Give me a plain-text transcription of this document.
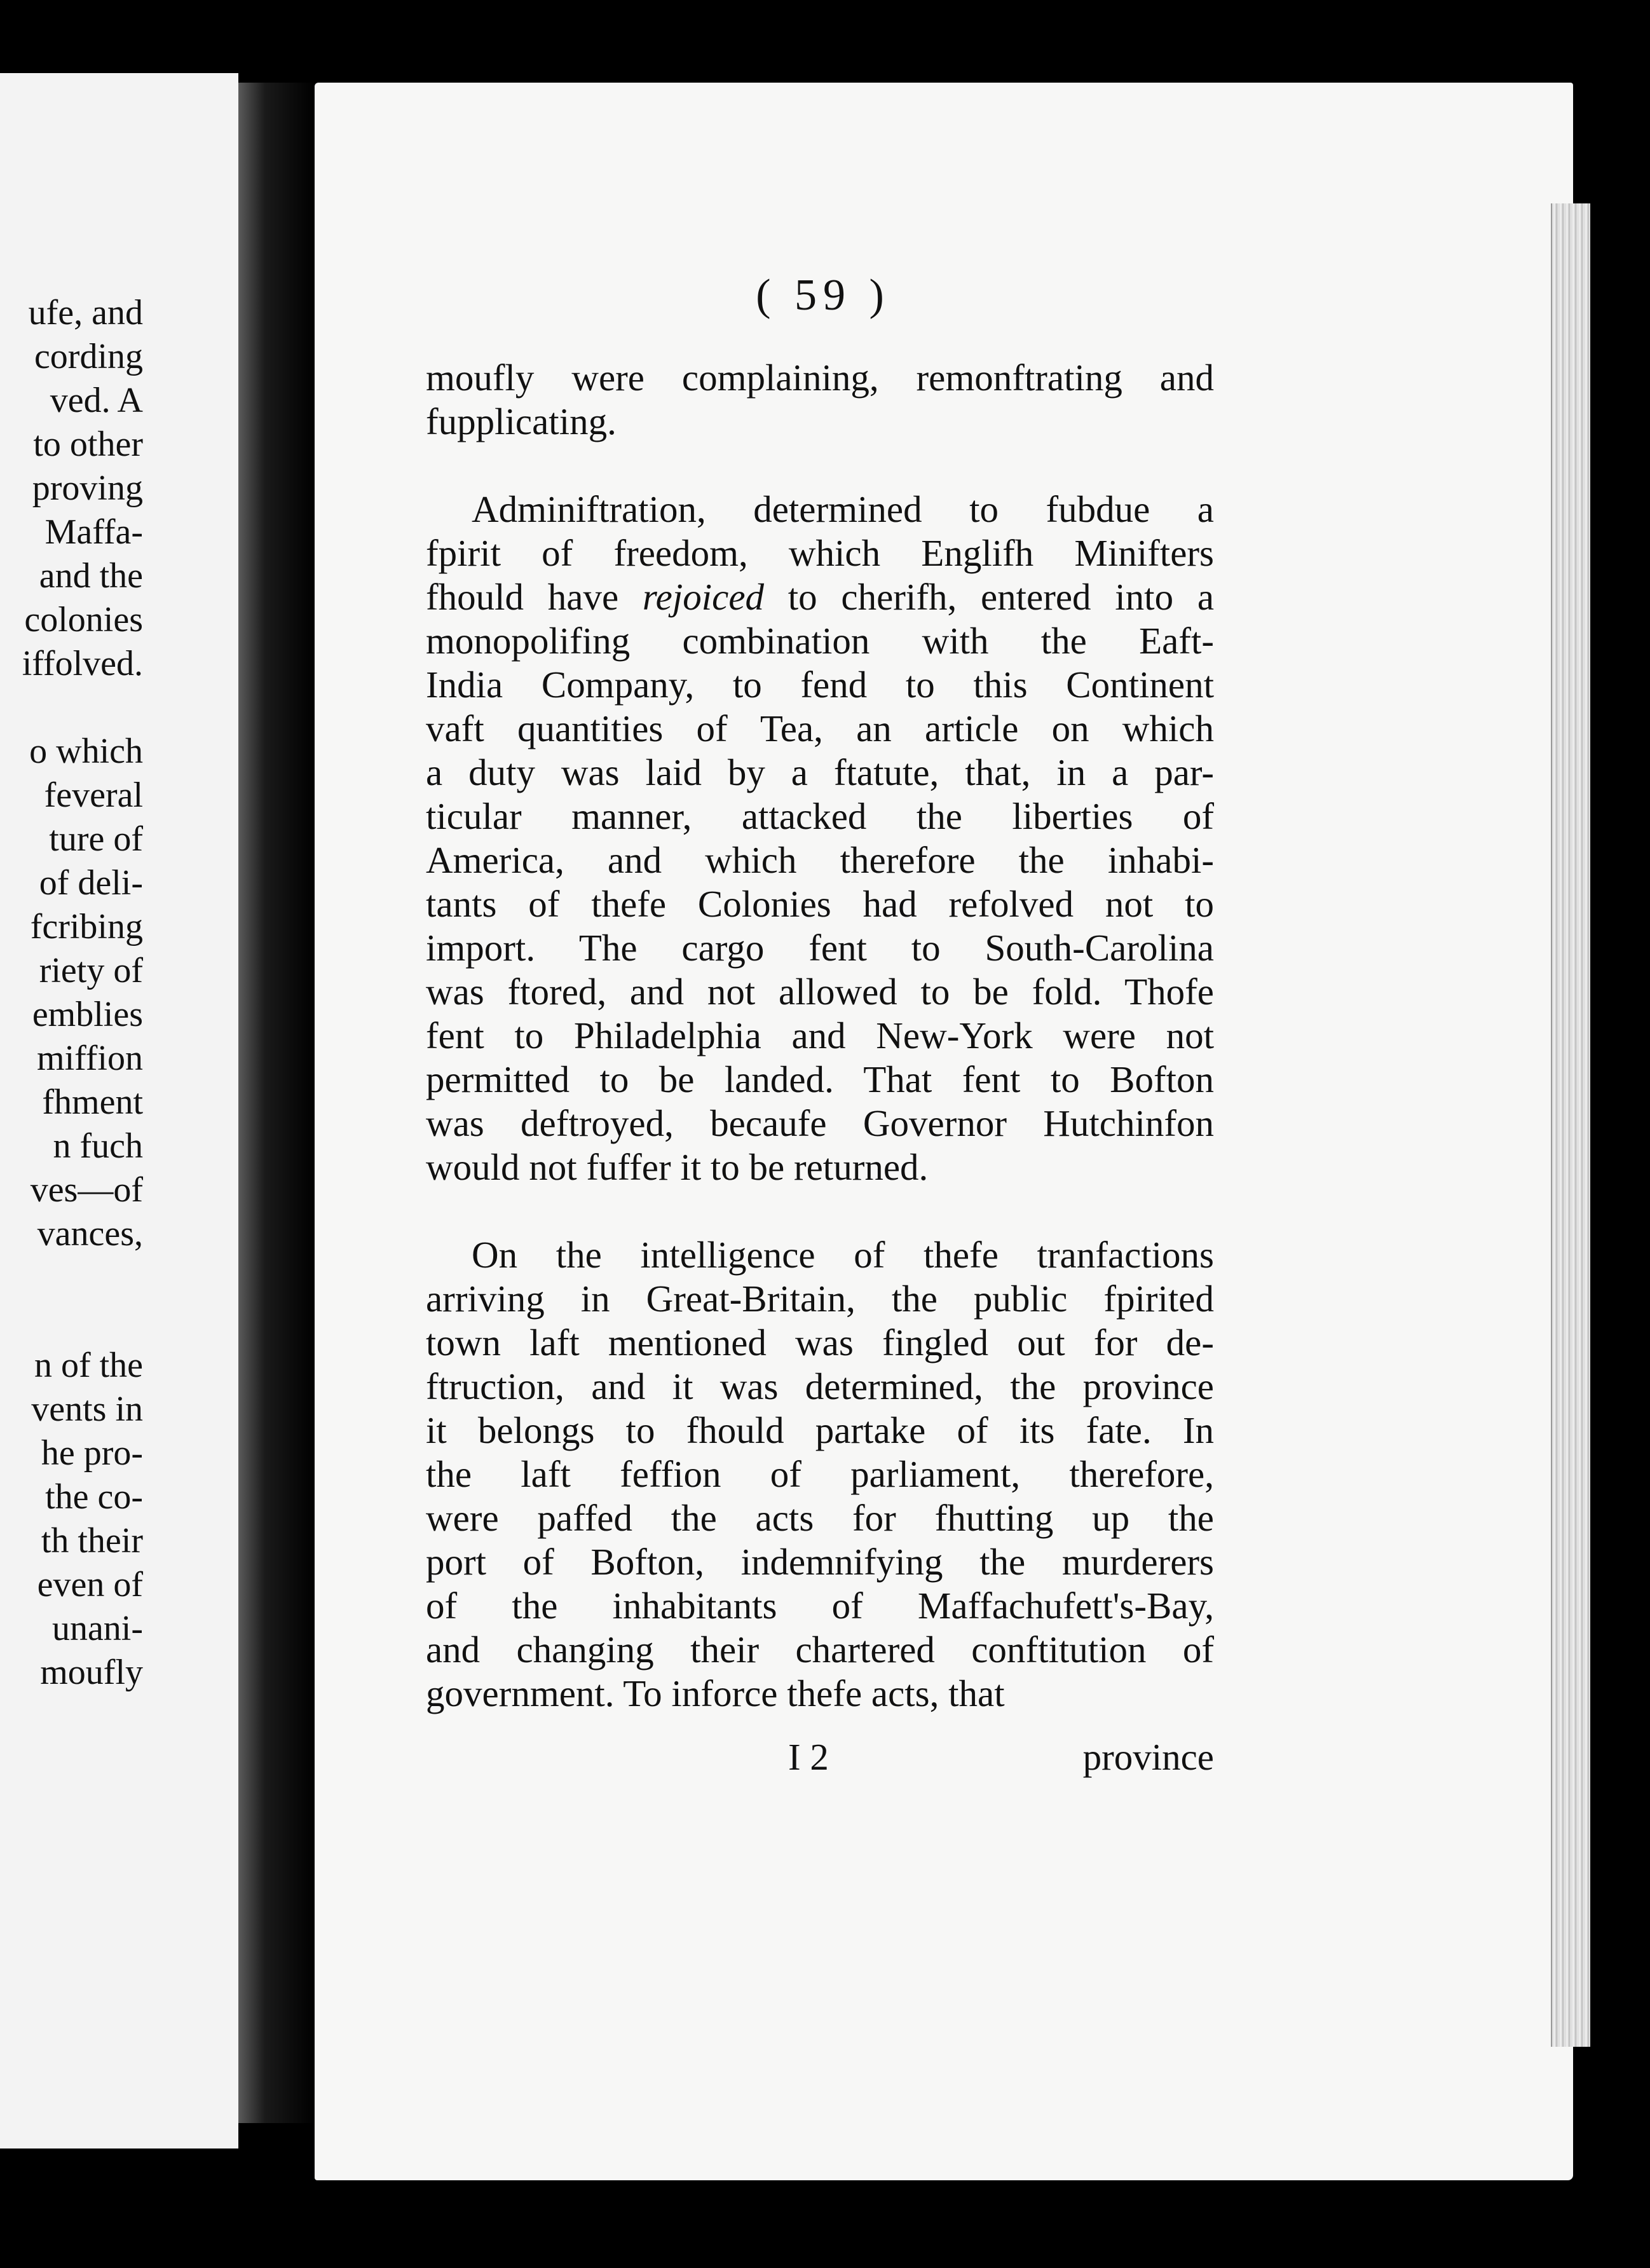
ufe, and
cording
ved. A
to other
proving
Maffa-
and the
colonies
iffolved.
o which
feveral
ture of
of deli-
fcribing
riety of
emblies
miffion
fhment
n fuch
ves—of
vances,
n of the
vents in
he pro-
the co-
th their
even of
unani-
moufly
( 59 )
moufly were complaining, remonftrating and
fupplicating.
Adminiftration, determined to fubdue a
fpirit of freedom, which Englifh Minifters
fhould have rejoiced to cherifh, entered into a
monopolifing combination with the Eaft-
India Company, to fend to this Continent
vaft quantities of Tea, an article on which
a duty was laid by a ftatute, that, in a par-
ticular manner, attacked the liberties of
America, and which therefore the inhabi-
tants of thefe Colonies had refolved not to
import. The cargo fent to South-Carolina
was ftored, and not allowed to be fold. Thofe
fent to Philadelphia and New-York were not
permitted to be landed. That fent to Bofton
was deftroyed, becaufe Governor Hutchinfon
would not fuffer it to be returned.
On the intelligence of thefe tranfactions
arriving in Great-Britain, the public fpirited
town laft mentioned was fingled out for de-
ftruction, and it was determined, the province
it belongs to fhould partake of its fate. In
the laft feffion of parliament, therefore,
were paffed the acts for fhutting up the
port of Bofton, indemnifying the murderers
of the inhabitants of Maffachufett's-Bay,
and changing their chartered conftitution of
government. To inforce thefe acts, that
I 2	province
